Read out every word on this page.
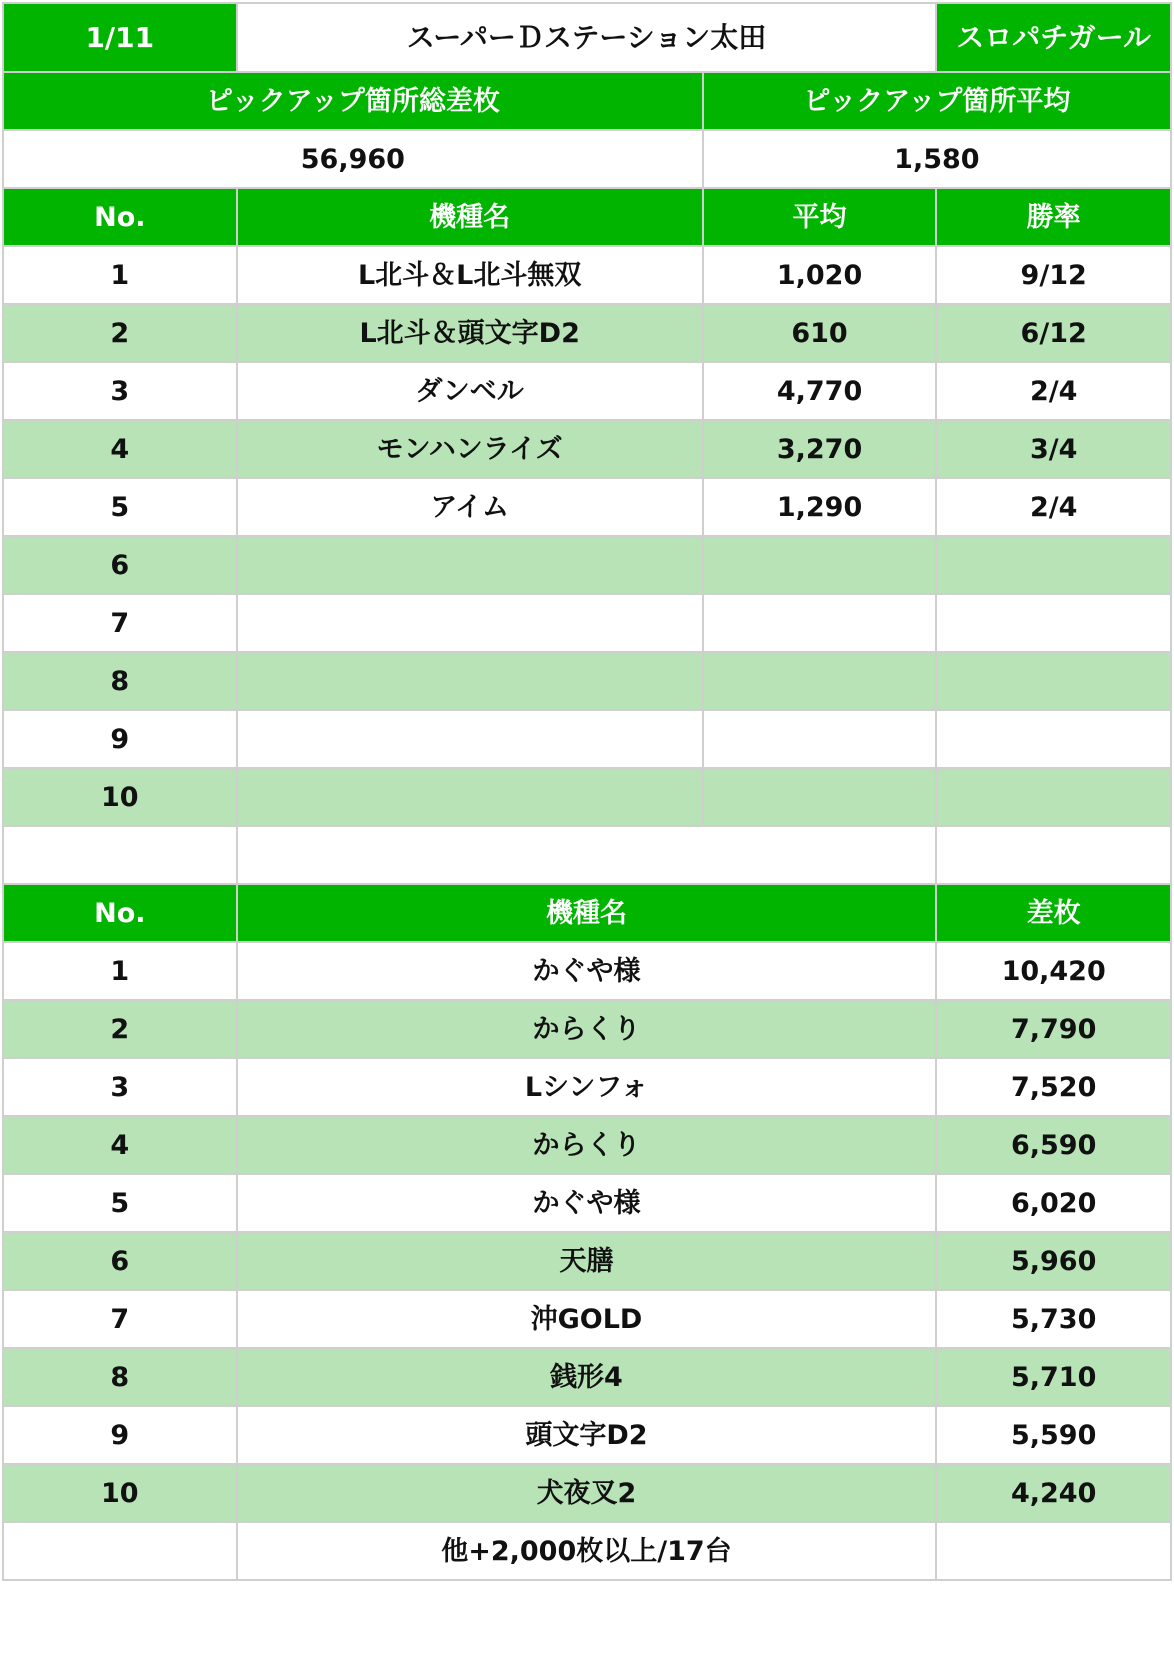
1/11	スーパーＤステーション太田		スロパチガール
ピックアップ箇所総差枚		ピックアップ箇所平均	
56,960		1,580	
No.	機種名	平均	勝率
1	L北斗＆L北斗無双	1,020	9/12
2	L北斗＆頭文字D2	610	6/12
3	ダンベル	4,770	2/4
4	モンハンライズ	3,270	3/4
5	アイム	1,290	2/4
6			
7			
8			
9			
10			

No.	機種名		差枚
1	かぐや様		10,420
2	からくり		7,790
3	Lシンフォ		7,520
4	からくり		6,590
5	かぐや様		6,020
6	天膳		5,960
7	沖GOLD		5,730
8	銭形4		5,710
9	頭文字D2		5,590
10	犬夜叉2		4,240
	他+2,000枚以上/17台		
